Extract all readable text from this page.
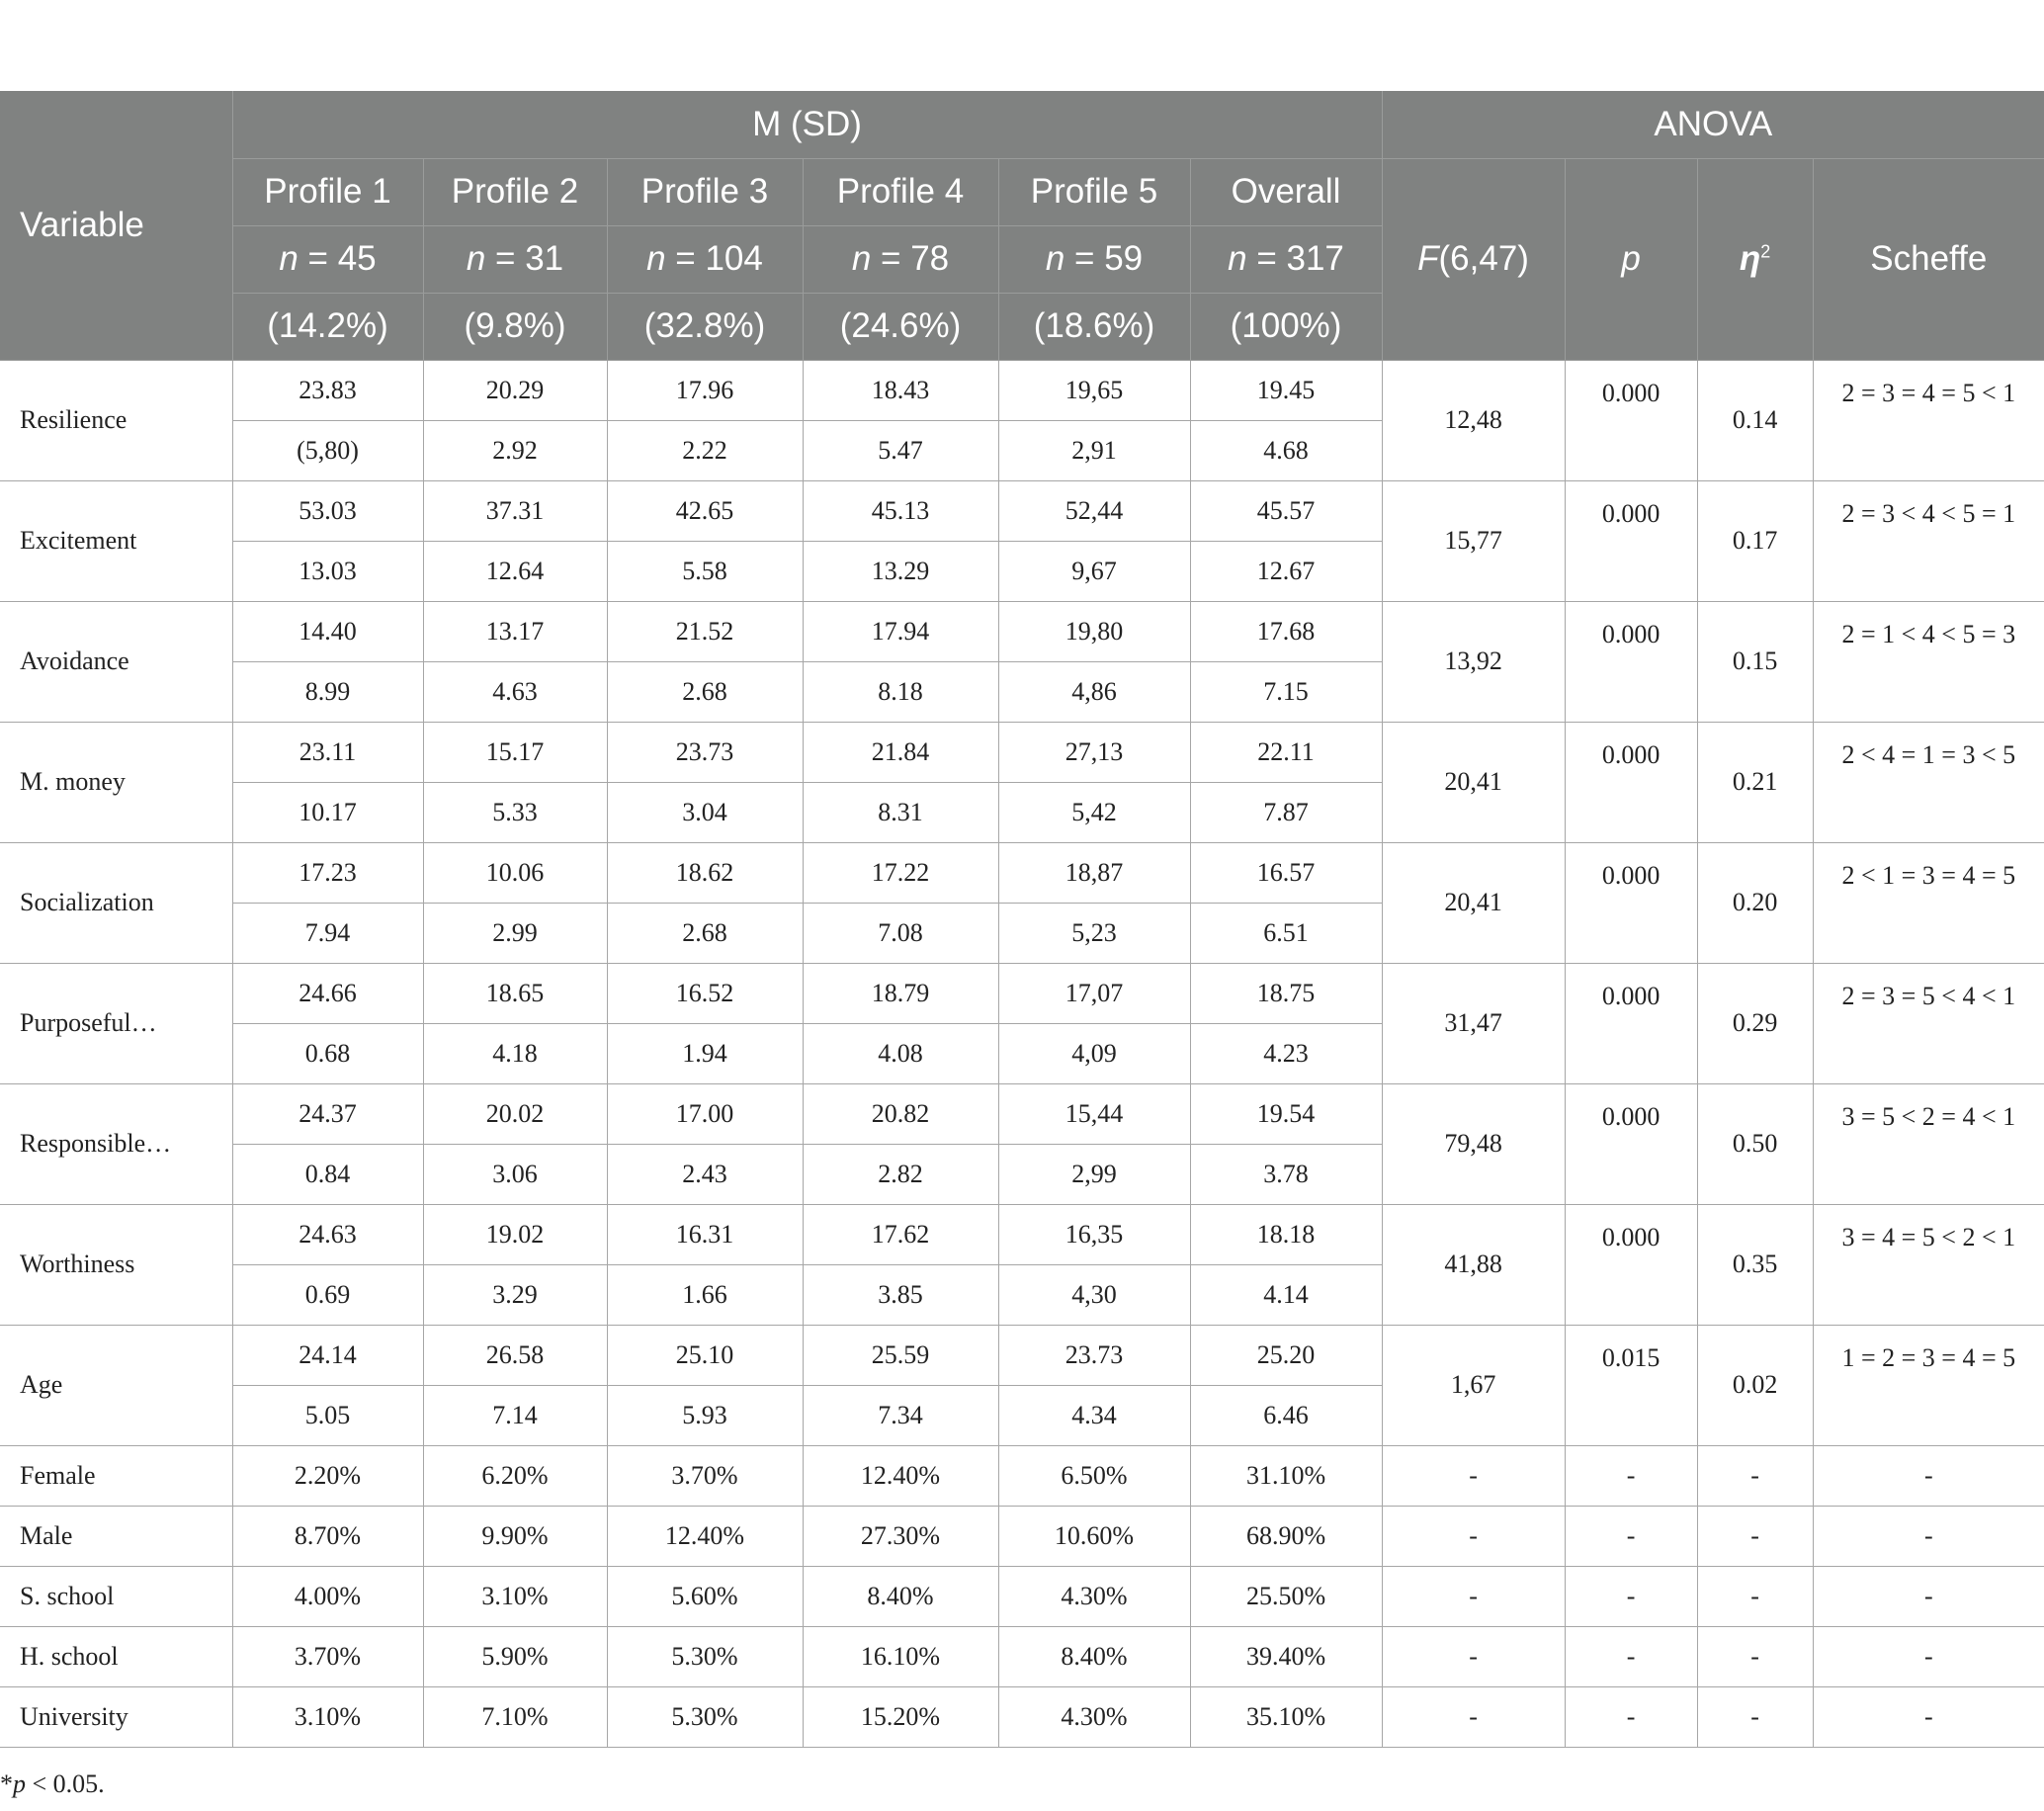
Variable	M (SD)						ANOVA			
	Profile 1	Profile 2	Profile 3	Profile 4	Profile 5	Overall	F(6,47)	p	$\eta^2$	Scheffe
	n = 45	n = 31	n = 104	n = 78	n = 59	n = 317				
	(14.2%)	(9.8%)	(32.8%)	(24.6%)	(18.6%)	(100%)				
Resilience	23.83	20.29	17.96	18.43	19,65	19.45	12,48	0.000	0.14	2 = 3 = 4 = 5 < 1
	(5,80)	2.92	2.22	5.47	2,91	4.68				
Excitement	53.03	37.31	42.65	45.13	52,44	45.57	15,77	0.000	0.17	2 = 3 < 4 < 5 = 1
	13.03	12.64	5.58	13.29	9,67	12.67				
Avoidance	14.40	13.17	21.52	17.94	19,80	17.68	13,92	0.000	0.15	2 = 1 < 4 < 5 = 3
	8.99	4.63	2.68	8.18	4,86	7.15				
M. money	23.11	15.17	23.73	21.84	27,13	22.11	20,41	0.000	0.21	2 < 4 = 1 = 3 < 5
	10.17	5.33	3.04	8.31	5,42	7.87				
Socialization	17.23	10.06	18.62	17.22	18,87	16.57	20,41	0.000	0.20	2 < 1 = 3 = 4 = 5
	7.94	2.99	2.68	7.08	5,23	6.51				
Purposeful…	24.66	18.65	16.52	18.79	17,07	18.75	31,47	0.000	0.29	2 = 3 = 5 < 4 < 1
	0.68	4.18	1.94	4.08	4,09	4.23				
Responsible…	24.37	20.02	17.00	20.82	15,44	19.54	79,48	0.000	0.50	3 = 5 < 2 = 4 < 1
	0.84	3.06	2.43	2.82	2,99	3.78				
Worthiness	24.63	19.02	16.31	17.62	16,35	18.18	41,88	0.000	0.35	3 = 4 = 5 < 2 < 1
	0.69	3.29	1.66	3.85	4,30	4.14				
Age	24.14	26.58	25.10	25.59	23.73	25.20	1,67	0.015	0.02	1 = 2 = 3 = 4 = 5
	5.05	7.14	5.93	7.34	4.34	6.46				
Female	2.20%	6.20%	3.70%	12.40%	6.50%	31.10%	-	-	-	-
Male	8.70%	9.90%	12.40%	27.30%	10.60%	68.90%	-	-	-	-
S. school	4.00%	3.10%	5.60%	8.40%	4.30%	25.50%	-	-	-	-
H. school	3.70%	5.90%	5.30%	16.10%	8.40%	39.40%	-	-	-	-
University	3.10%	7.10%	5.30%	15.20%	4.30%	35.10%	-	-	-	-
*p < 0.05.
